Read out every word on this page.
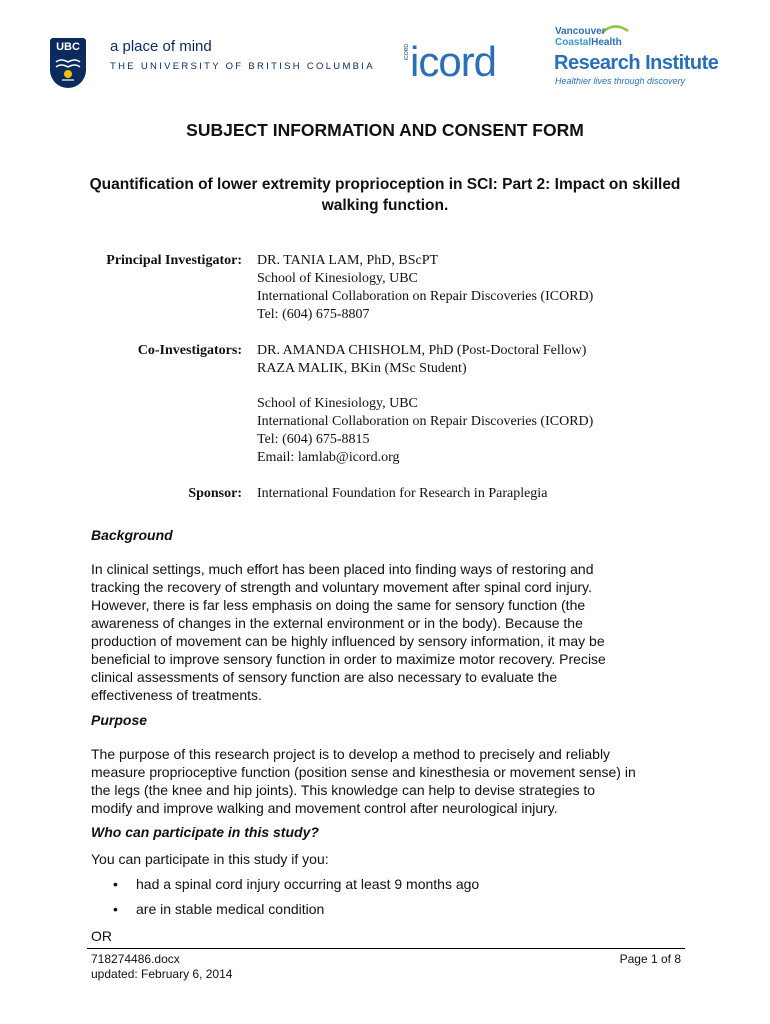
UBC	a place of mind
THE UNIVERSITY OF BRITISH COLUMBIA
ICORD icord
Vancouver
CoastalHealth
Research Institute
Healthier lives through discovery
SUBJECT INFORMATION AND CONSENT FORM
Quantification of lower extremity proprioception in SCI: Part 2: Impact on skilled walking function.
Principal Investigator: DR. TANIA LAM, PhD, BScPT
School of Kinesiology, UBC
International Collaboration on Repair Discoveries (ICORD)
Tel: (604) 675-8807
Co-Investigators: DR. AMANDA CHISHOLM, PhD (Post-Doctoral Fellow)
RAZA MALIK, BKin (MSc Student)
School of Kinesiology, UBC
International Collaboration on Repair Discoveries (ICORD)
Tel: (604) 675-8815
Email: lamlab@icord.org
Sponsor: International Foundation for Research in Paraplegia
Background
In clinical settings, much effort has been placed into finding ways of restoring and
tracking the recovery of strength and voluntary movement after spinal cord injury.
However, there is far less emphasis on doing the same for sensory function (the
awareness of changes in the external environment or in the body). Because the
production of movement can be highly influenced by sensory information, it may be
beneficial to improve sensory function in order to maximize motor recovery. Precise
clinical assessments of sensory function are also necessary to evaluate the
effectiveness of treatments.
Purpose
The purpose of this research project is to develop a method to precisely and reliably
measure proprioceptive function (position sense and kinesthesia or movement sense) in
the legs (the knee and hip joints). This knowledge can help to devise strategies to
modify and improve walking and movement control after neurological injury.
Who can participate in this study?
You can participate in this study if you:
• had a spinal cord injury occurring at least 9 months ago
• are in stable medical condition
OR
718274486.docx
updated: February 6, 2014
Page 1 of 8
